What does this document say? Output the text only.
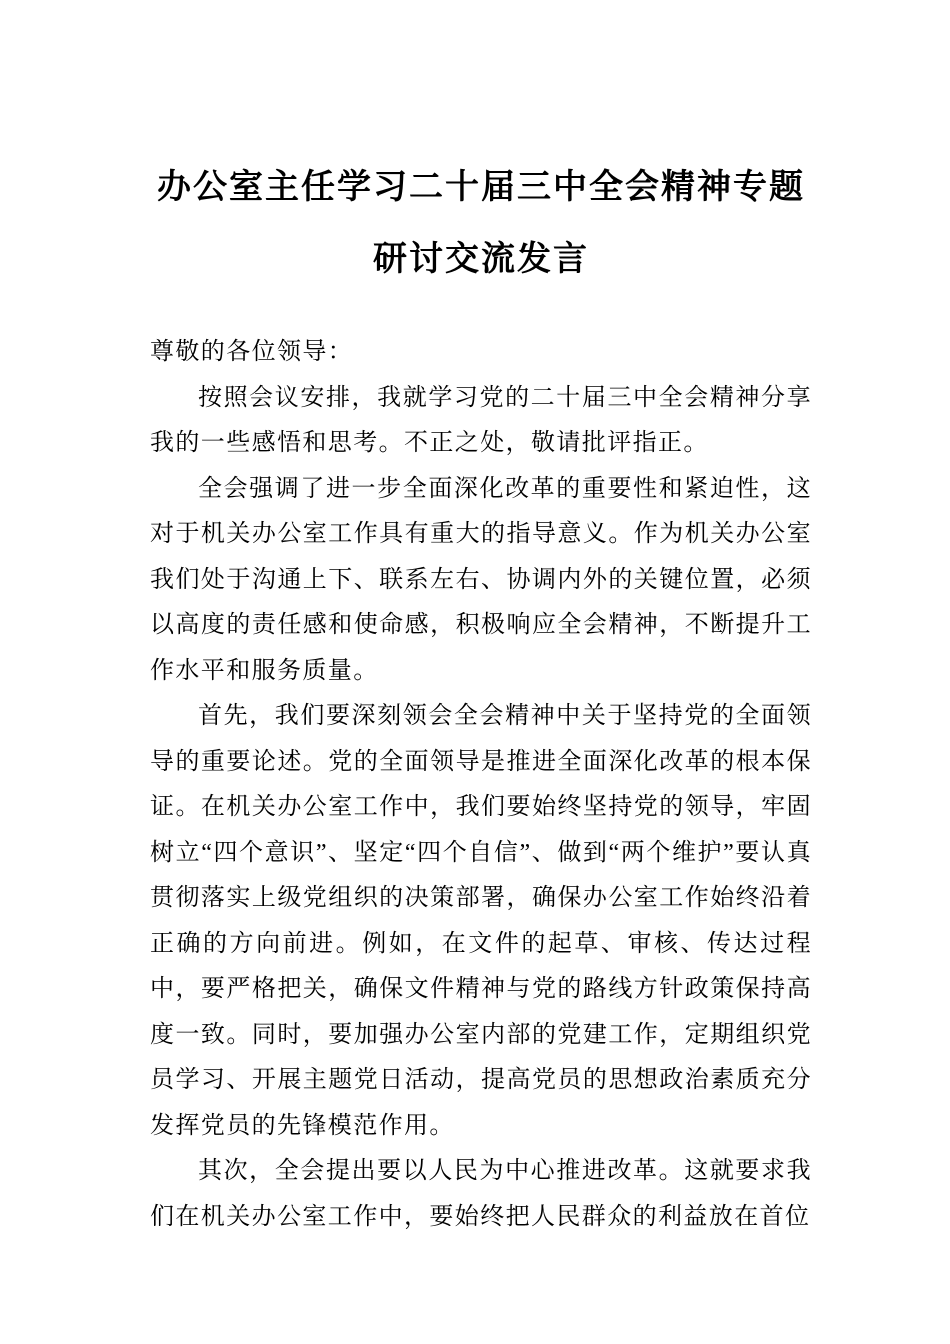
办公室主任学习二十届三中全会精神专题
研讨交流发言

尊敬的各位领导：

按照会议安排，我就学习党的二十届三中全会精神分享我的一些感悟和思考。不正之处，敬请批评指正。

全会强调了进一步全面深化改革的重要性和紧迫性，这对于机关办公室工作具有重大的指导意义。作为机关办公室我们处于沟通上下、联系左右、协调内外的关键位置，必须以高度的责任感和使命感，积极响应全会精神，不断提升工作水平和服务质量。

首先，我们要深刻领会全会精神中关于坚持党的全面领导的重要论述。党的全面领导是推进全面深化改革的根本保证。在机关办公室工作中，我们要始终坚持党的领导，牢固树立“四个意识”、坚定“四个自信”、做到“两个维护”要认真贯彻落实上级党组织的决策部署，确保办公室工作始终沿着正确的方向前进。例如，在文件的起草、审核、传达过程中，要严格把关，确保文件精神与党的路线方针政策保持高度一致。同时，要加强办公室内部的党建工作，定期组织党员学习、开展主题党日活动，提高党员的思想政治素质充分发挥党员的先锋模范作用。

其次，全会提出要以人民为中心推进改革。这就要求我们在机关办公室工作中，要始终把人民群众的利益放在首位
